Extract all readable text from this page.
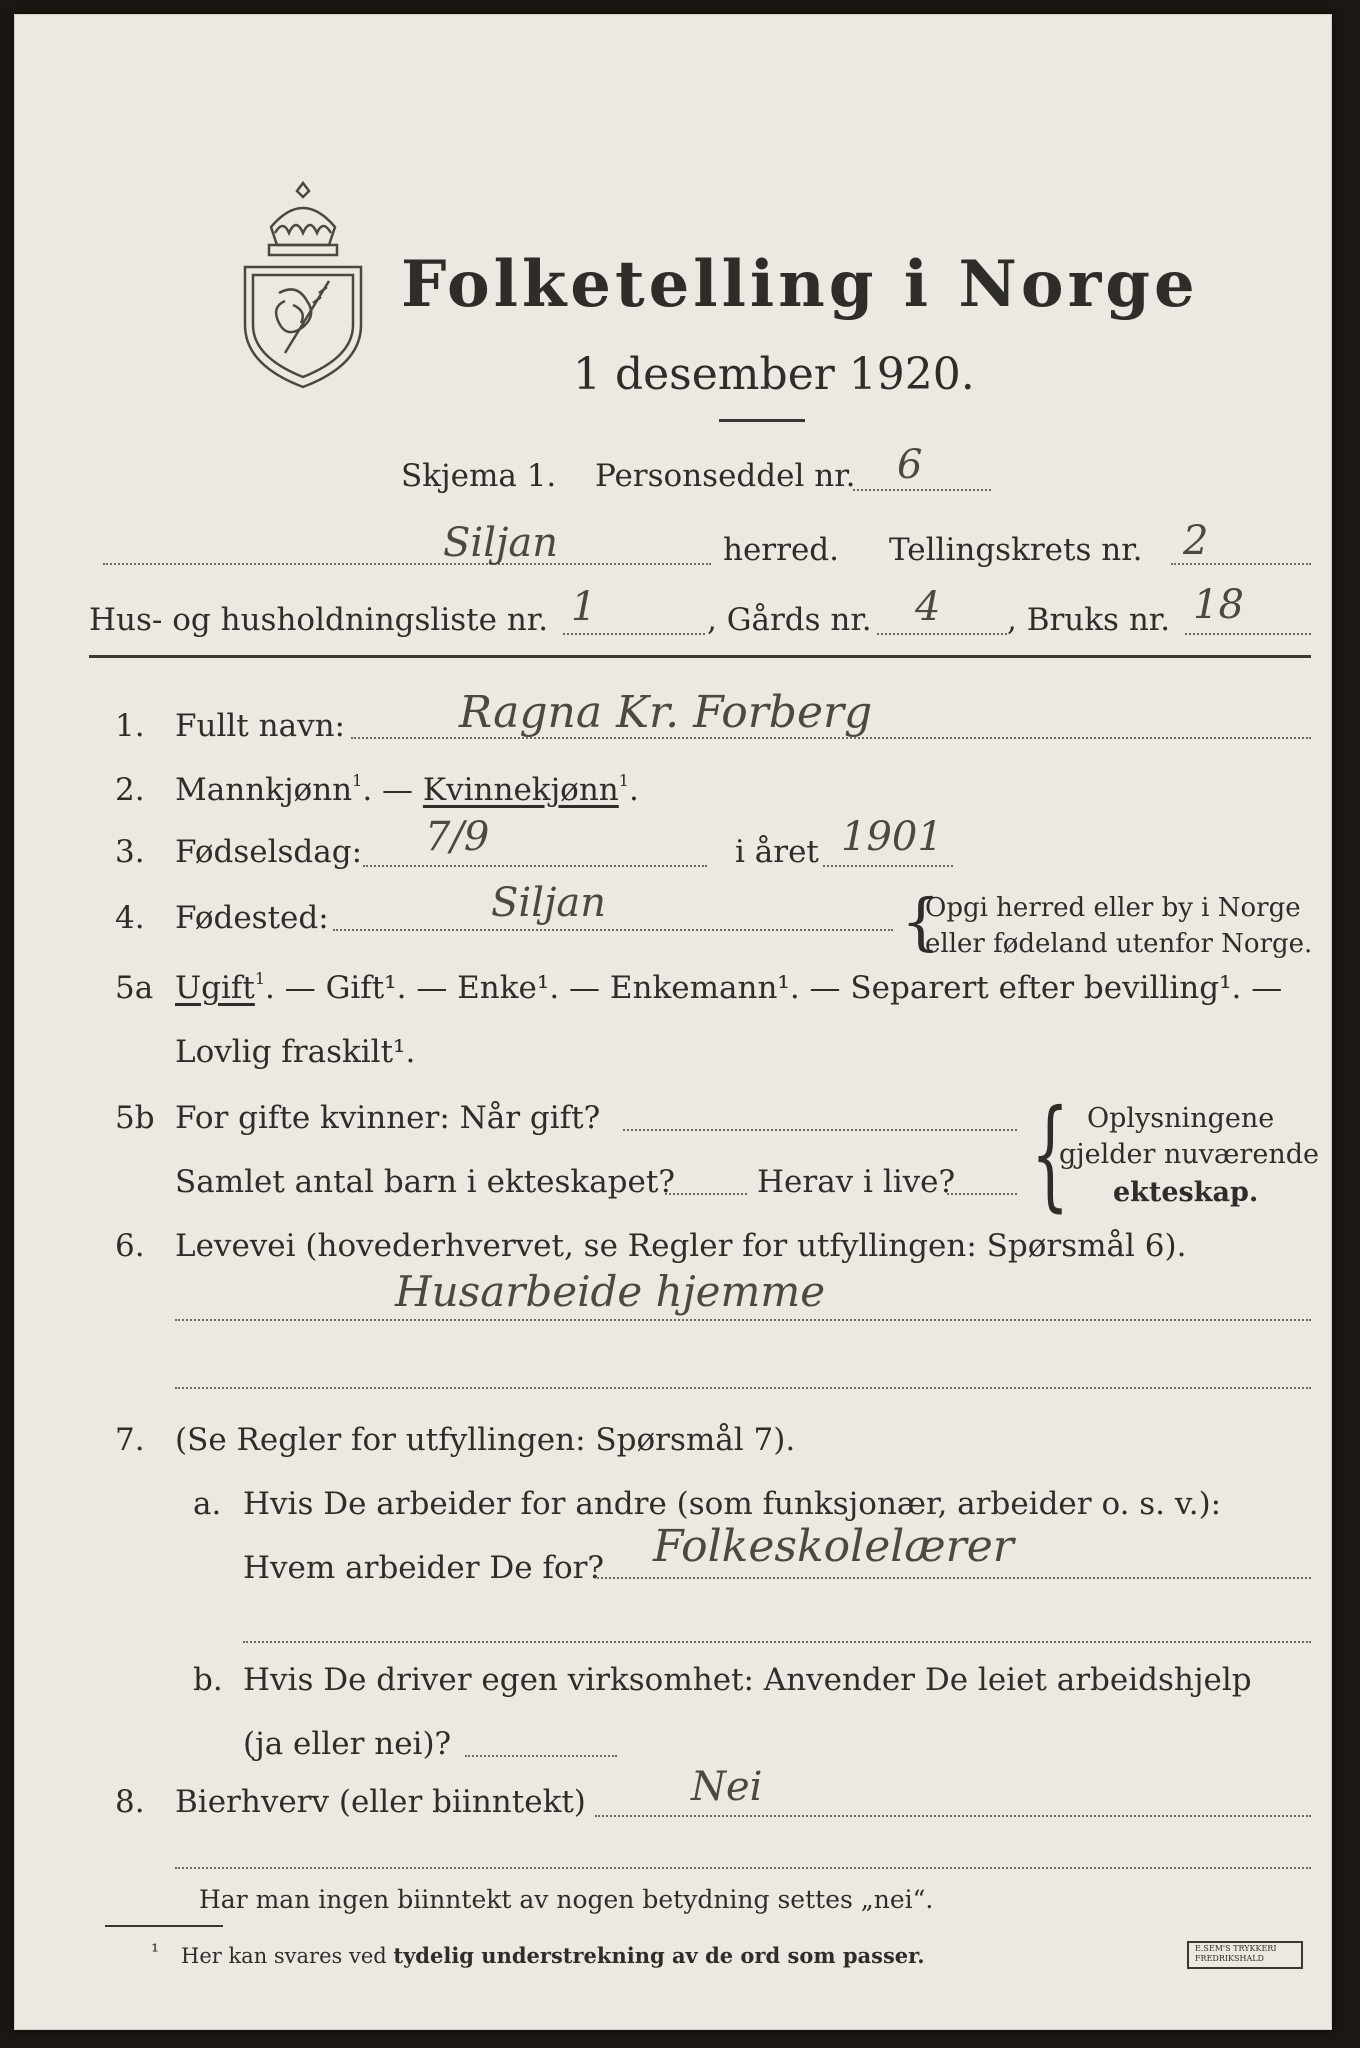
Folketelling i Norge
1 desember 1920.
Skjema 1. Personseddel nr. 6
Siljan	herred. Tellingskrets nr. 2
Hus- og husholdningsliste nr. 1	, Gårds nr. 4 , Bruks nr. 18
1. Fullt navn:	Ragna Kr. Forberg
2. Mannkjønn$^1$. — Kvinnekjønn$^1$.
3. Fødselsdag: 7/9	i året 1901
4. Fødested:	Siljan	{
Opgi herred eller by i Norge
eller fødeland utenfor Norge.
5a Ugift$^1$. — Gift¹. — Enke¹. — Enkemann¹. — Separert efter bevilling¹. —
Lovlig fraskilt¹.
5b For gifte kvinner: Når gift?
Samlet antal barn i ekteskapet?	Herav i live? { Oplysningene
gjelder nuværende
ekteskap.
6. Levevei (hovederhvervet, se Regler for utfyllingen: Spørsmål 6).
Husarbeide hjemme
7. (Se Regler for utfyllingen: Spørsmål 7).
a. Hvis De arbeider for andre (som funksjonær, arbeider o. s. v.):
Hvem arbeider De for? Folkeskolelærer
b. Hvis De driver egen virksomhet: Anvender De leiet arbeidshjelp
(ja eller nei)?
8. Bierhverv (eller biinntekt)	Nei
Har man ingen biinntekt av nogen betydning settes „nei“.
¹ Her kan svares ved tydelig understrekning av de ord som passer.	E.SEM'S TRYKKERI
FREDRIKSHALD
